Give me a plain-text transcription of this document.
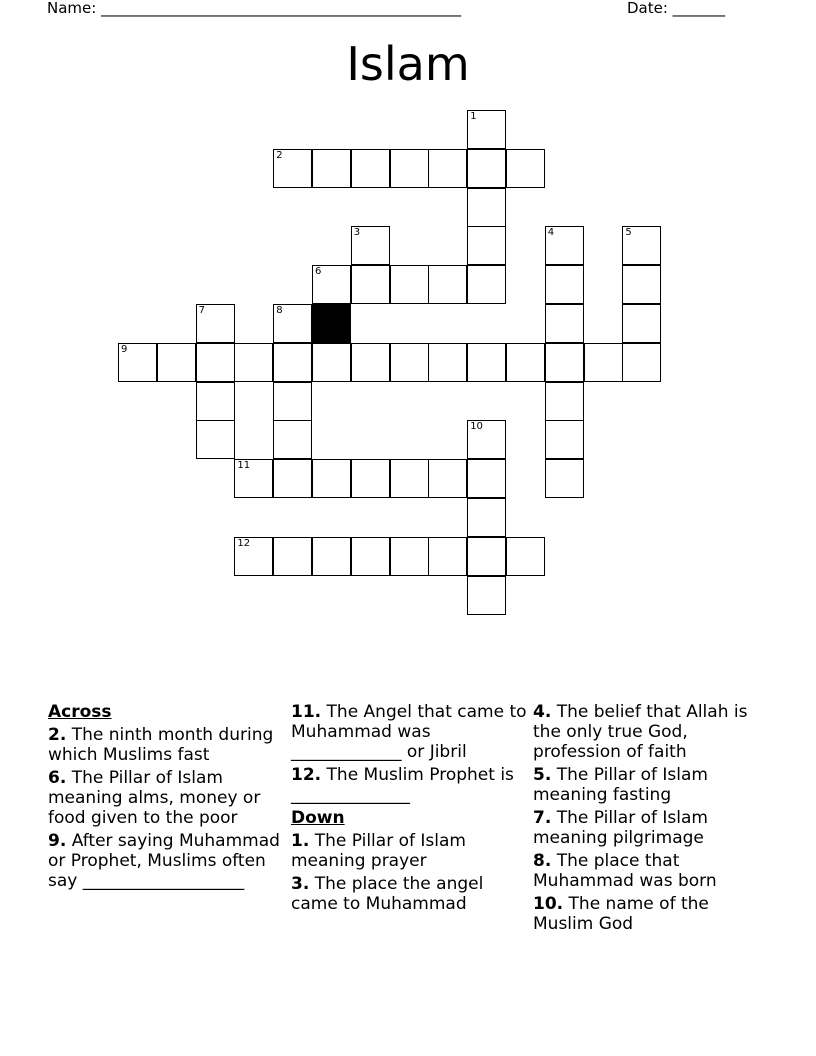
Name: ________________________________________________	Date: _______
Islam
1
2
3	4	5
6
7	8
9
10
11
12
Across
2. The ninth month during which Muslims fast
6. The Pillar of Islam meaning alms, money or food given to the poor
9. After saying Muhammad or Prophet, Muslims often say ___________________
11. The Angel that came to Muhammad was _____________ or Jibril
12. The Muslim Prophet is ______________
Down
1. The Pillar of Islam meaning prayer
3. The place the angel came to Muhammad
4. The belief that Allah is the only true God, profession of faith
5. The Pillar of Islam meaning fasting
7. The Pillar of Islam meaning pilgrimage
8. The place that Muhammad was born
10. The name of the Muslim God
